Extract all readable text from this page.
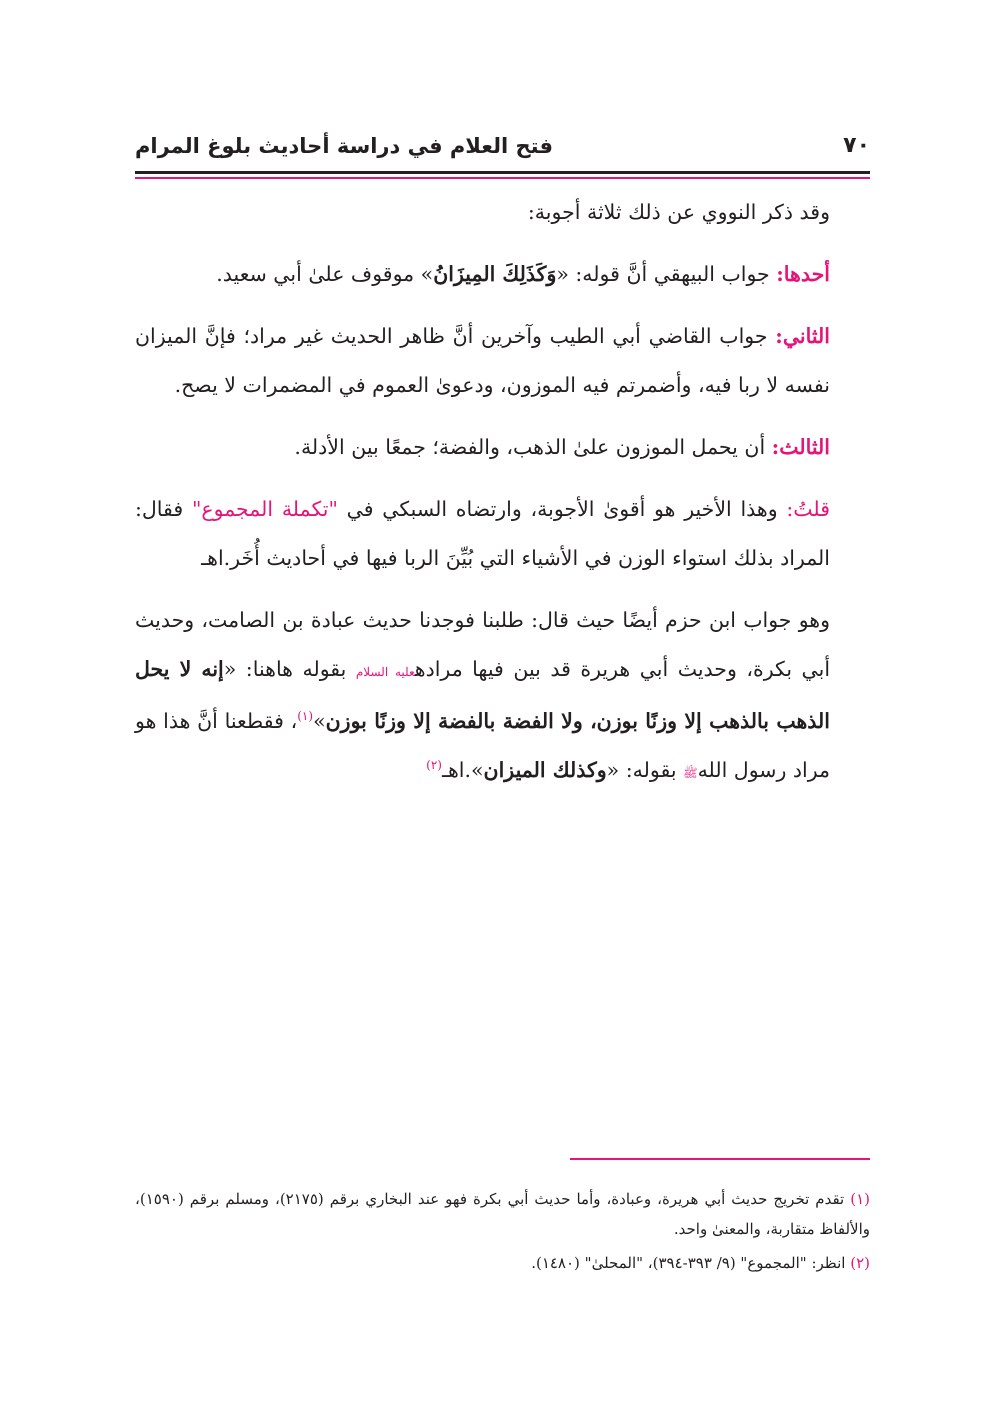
٧٠
فتح العلام في دراسة أحاديث بلوغ المرام

وقد ذكر النووي عن ذلك ثلاثة أجوبة:

أحدها: جواب البيهقي أنَّ قوله: «وَكَذَلِكَ المِيزَانُ» موقوف علىٰ أبي سعيد.

الثاني: جواب القاضي أبي الطيب وآخرين أنَّ ظاهر الحديث غير مراد؛ فإنَّ الميزان نفسه لا ربا فيه، وأضمرتم فيه الموزون، ودعوىٰ العموم في المضمرات لا يصح.

الثالث: أن يحمل الموزون علىٰ الذهب، والفضة؛ جمعًا بين الأدلة.

قلتُ: وهذا الأخير هو أقوىٰ الأجوبة، وارتضاه السبكي في "تكملة المجموع" فقال: المراد بذلك استواء الوزن في الأشياء التي بُيِّنَ الربا فيها في أحاديث أُخَر.اهـ

وهو جواب ابن حزم أيضًا حيث قال: طلبنا فوجدنا حديث عبادة بن الصامت، وحديث أبي بكرة، وحديث أبي هريرة قد بين فيها مرادهعليه السلام بقوله هاهنا: «إنه لا يحل الذهب بالذهب إلا وزنًا بوزن، ولا الفضة بالفضة إلا وزنًا بوزن»$^{(١)}$، فقطعنا أنَّ هذا هو مراد رسول اللهﷺ بقوله: «وكذلك الميزان».اهـ$^{(٢)}$

(١) تقدم تخريج حديث أبي هريرة، وعبادة، وأما حديث أبي بكرة فهو عند البخاري برقم (٢١٧٥)، ومسلم برقم (١٥٩٠)، والألفاظ متقاربة، والمعنىٰ واحد.

(٢) انظر: "المجموع" (٩/ ٣٩٣-٣٩٤)، "المحلىٰ" (١٤٨٠).
